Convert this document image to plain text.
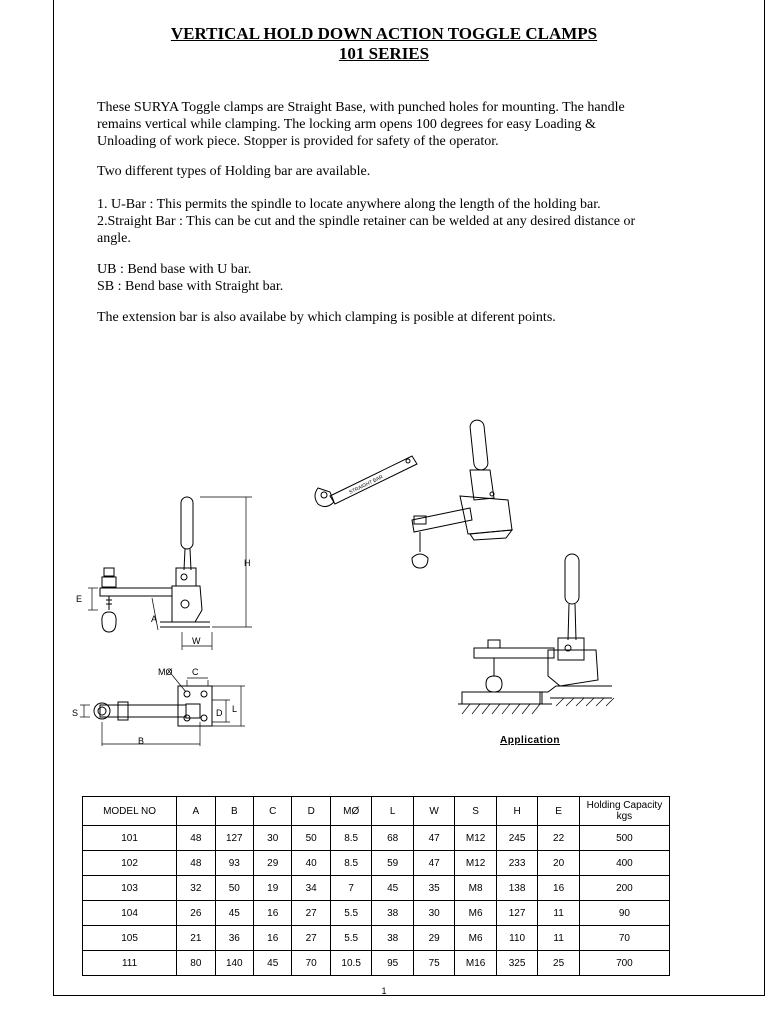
VERTICAL HOLD DOWN ACTION TOGGLE CLAMPS
101 SERIES
These SURYA Toggle clamps are Straight Base, with punched holes for mounting. The handle remains vertical while clamping. The locking arm opens 100 degrees for easy Loading & Unloading of work piece. Stopper is provided for safety of the operator.
Two different types of Holding bar are available.
1. U-Bar : This permits the spindle to locate anywhere along the length of the holding bar.
2.Straight Bar : This can be cut and the spindle retainer can be welded at any desired distance or angle.
UB : Bend base with U bar.
SB : Bend base with Straight bar.
The extension bar is also availabe by which clamping is posible at diferent points.
H
E
A
W
C
MØ
S	D L
B
STRAIGHT BAR
Application
MODEL NO	A	B	C	D	MØ	L	W	S	H	E	Holding Capacity kgs
101	48	127	30	50	8.5	68	47	M12	245	22	500
102	48	93	29	40	8.5	59	47	M12	233	20	400
103	32	50	19	34	7	45	35	M8	138	16	200
104	26	45	16	27	5.5	38	30	M6	127	11	90
105	21	36	16	27	5.5	38	29	M6	110	11	70
111	80	140	45	70	10.5	95	75	M16	325	25	700
1
